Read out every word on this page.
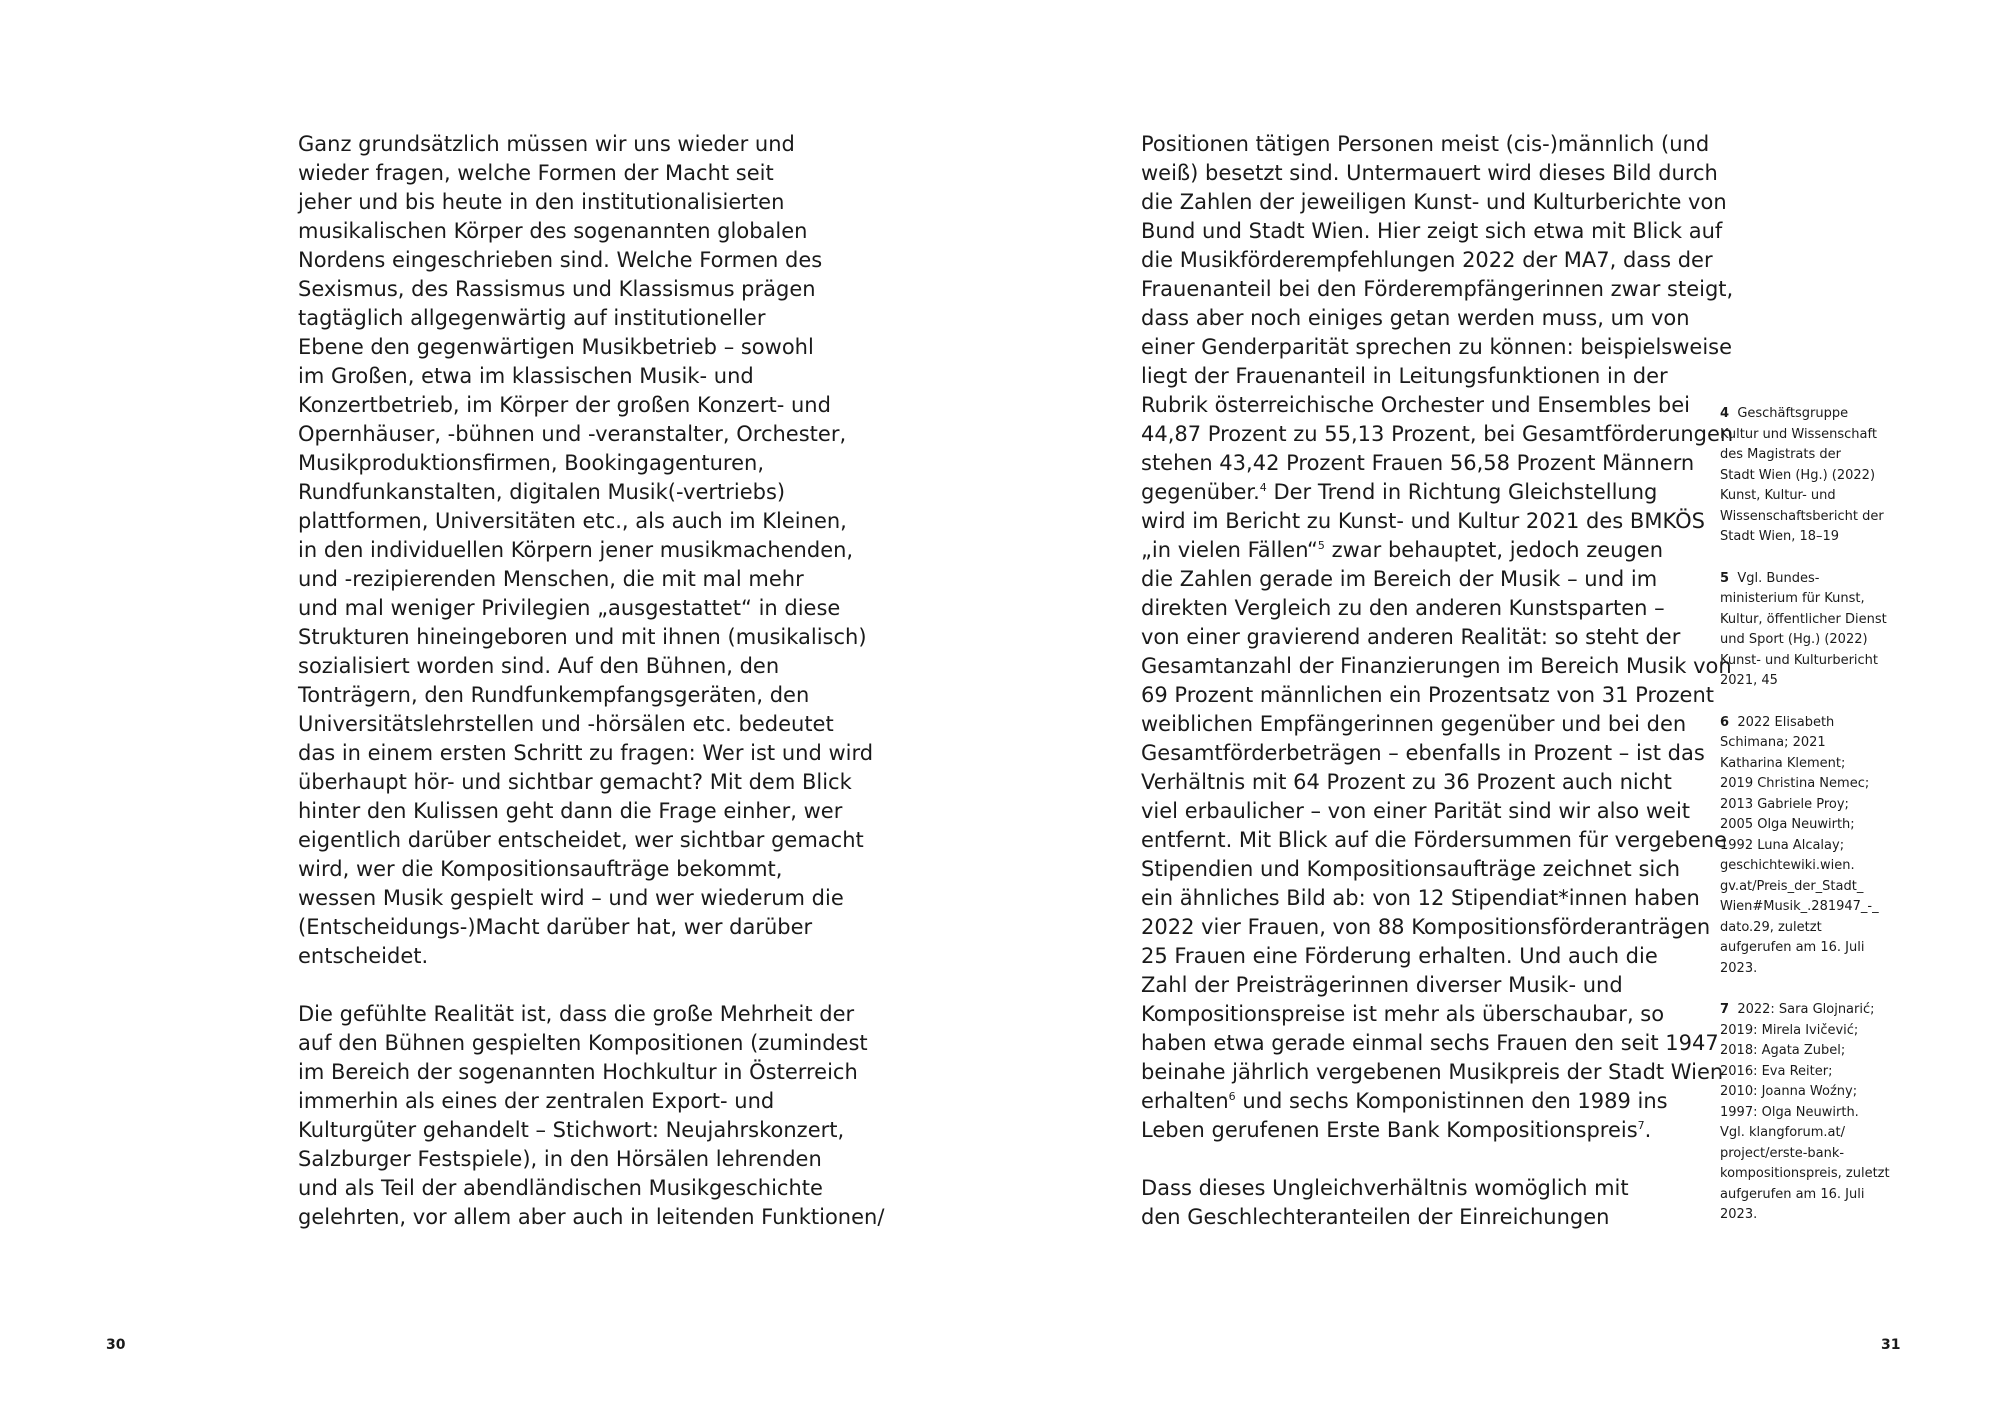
Ganz grundsätzlich müssen wir uns wieder und
wieder fragen, welche Formen der Macht seit
jeher und bis heute in den institutionalisierten
musikalischen Körper des sogenannten globalen
Nordens eingeschrieben sind. Welche Formen des
Sexismus, des Rassismus und Klassismus prägen
tagtäglich allgegenwärtig auf institutioneller
Ebene den gegenwärtigen Musikbetrieb – sowohl
im Großen, etwa im klassischen Musik- und
Konzertbetrieb, im Körper der großen Konzert- und
Opernhäuser, -bühnen und -veranstalter, Orchester,
Musikproduktionsfirmen, Bookingagenturen,
Rundfunkanstalten, digitalen Musik(-vertriebs)
plattformen, Universitäten etc., als auch im Kleinen,
in den individuellen Körpern jener musikmachenden,
und -rezipierenden Menschen, die mit mal mehr
und mal weniger Privilegien „ausgestattet“ in diese
Strukturen hineingeboren und mit ihnen (musikalisch)
sozialisiert worden sind. Auf den Bühnen, den
Tonträgern, den Rundfunkempfangsgeräten, den
Universitätslehrstellen und -hörsälen etc. bedeutet
das in einem ersten Schritt zu fragen: Wer ist und wird
überhaupt hör- und sichtbar gemacht? Mit dem Blick
hinter den Kulissen geht dann die Frage einher, wer
eigentlich darüber entscheidet, wer sichtbar gemacht
wird, wer die Kompositionsaufträge bekommt,
wessen Musik gespielt wird – und wer wiederum die
(Entscheidungs-)Macht darüber hat, wer darüber
entscheidet.
Die gefühlte Realität ist, dass die große Mehrheit der
auf den Bühnen gespielten Kompositionen (zumindest
im Bereich der sogenannten Hochkultur in Österreich
immerhin als eines der zentralen Export- und
Kulturgüter gehandelt – Stichwort: Neujahrskonzert,
Salzburger Festspiele), in den Hörsälen lehrenden
und als Teil der abendländischen Musikgeschichte
gelehrten, vor allem aber auch in leitenden Funktionen/
30
Positionen tätigen Personen meist (cis-)männlich (und
weiß) besetzt sind. Untermauert wird dieses Bild durch
die Zahlen der jeweiligen Kunst- und Kulturberichte von
Bund und Stadt Wien. Hier zeigt sich etwa mit Blick auf
die Musikförderempfehlungen 2022 der MA7, dass der
Frauenanteil bei den Förderempfängerinnen zwar steigt,
dass aber noch einiges getan werden muss, um von
einer Genderparität sprechen zu können: beispielsweise
liegt der Frauenanteil in Leitungsfunktionen in der
Rubrik österreichische Orchester und Ensembles bei
44,87 Prozent zu 55,13 Prozent, bei Gesamtförderungen
stehen 43,42 Prozent Frauen 56,58 Prozent Männern
gegenüber.$^4$ Der Trend in Richtung Gleichstellung
wird im Bericht zu Kunst- und Kultur 2021 des BMKÖS
„in vielen Fällen“$^5$ zwar behauptet, jedoch zeugen
die Zahlen gerade im Bereich der Musik – und im
direkten Vergleich zu den anderen Kunstsparten –
von einer gravierend anderen Realität: so steht der
Gesamtanzahl der Finanzierungen im Bereich Musik von
69 Prozent männlichen ein Prozentsatz von 31 Prozent
weiblichen Empfängerinnen gegenüber und bei den
Gesamtförderbeträgen – ebenfalls in Prozent – ist das
Verhältnis mit 64 Prozent zu 36 Prozent auch nicht
viel erbaulicher – von einer Parität sind wir also weit
entfernt. Mit Blick auf die Fördersummen für vergebene
Stipendien und Kompositionsaufträge zeichnet sich
ein ähnliches Bild ab: von 12 Stipendiat*innen haben
2022 vier Frauen, von 88 Kompositionsförderanträgen
25 Frauen eine Förderung erhalten. Und auch die
Zahl der Preisträgerinnen diverser Musik- und
Kompositionspreise ist mehr als überschaubar, so
haben etwa gerade einmal sechs Frauen den seit 1947
beinahe jährlich vergebenen Musikpreis der Stadt Wien
erhalten$^6$ und sechs Komponistinnen den 1989 ins
Leben gerufenen Erste Bank Kompositionspreis$^7$.
Dass dieses Ungleichverhältnis womöglich mit
den Geschlechteranteilen der Einreichungen
4 Geschäftsgruppe
Kultur und Wissenschaft
des Magistrats der
Stadt Wien (Hg.) (2022)
Kunst, Kultur- und
Wissenschaftsbericht der
Stadt Wien, 18–19
5 Vgl. Bundes-
ministerium für Kunst,
Kultur, öffentlicher Dienst
und Sport (Hg.) (2022)
Kunst- und Kulturbericht
2021, 45
6 2022 Elisabeth
Schimana; 2021
Katharina Klement;
2019 Christina Nemec;
2013 Gabriele Proy;
2005 Olga Neuwirth;
1992 Luna Alcalay;
geschichtewiki.wien.
gv.at/Preis_der_Stadt_
Wien#Musik_.281947_-_
dato.29, zuletzt
aufgerufen am 16. Juli
2023.
7 2022: Sara Glojnarić;
2019: Mirela Ivičević;
2018: Agata Zubel;
2016: Eva Reiter;
2010: Joanna Woźny;
1997: Olga Neuwirth.
Vgl. klangforum.at/
project/erste-bank-
kompositionspreis, zuletzt
aufgerufen am 16. Juli
2023.
31
